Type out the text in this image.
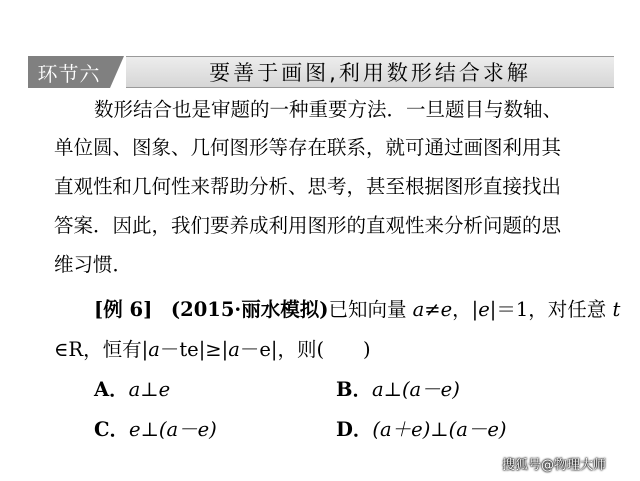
环节六	要善于画图,利用数形结合求解
数形结合也是审题的一种重要方法．一旦题目与数轴、
单位圆、图象、几何图形等存在联系，就可通过画图利用其
直观性和几何性来帮助分析、思考，甚至根据图形直接找出
答案．因此，我们要养成利用图形的直观性来分析问题的思
维习惯．
[例 6] (2015·丽水模拟)已知向量 a≠e，|e|＝1，对任意 t
∈R，恒有|a－te|≥|a－e|，则(　　)
A．a⊥e	B．a⊥(a－e)
C．e⊥(a－e)	D．(a＋e)⊥(a－e)
搜狐号@物理大师
